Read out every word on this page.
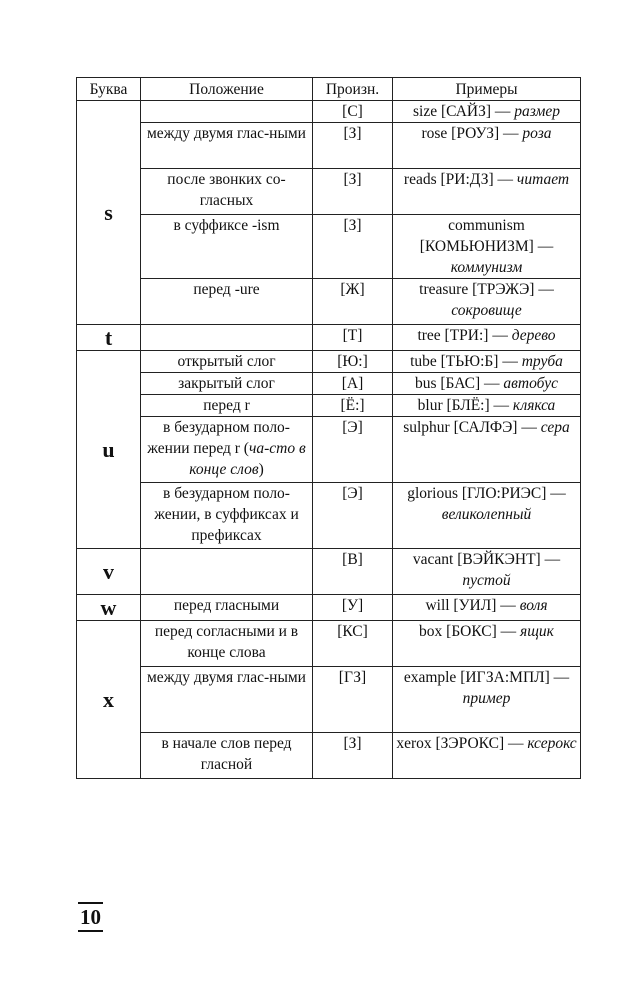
Буква	Положение	Произн.	Примеры
s		[С]	size [САЙЗ] — размер
	между двумя глас-ными	[З]	rose [РОУЗ] — роза
	после звонких со-гласных	[З]	reads [РИ:ДЗ] — читает
	в суффиксе -ism	[З]	communism [КОМЬЮНИЗМ] — коммунизм
	перед -ure	[Ж]	treasure [ТРЭЖЭ] — сокровище
t		[Т]	tree [ТРИ:] — дерево
u	открытый слог	[Ю:]	tube [ТЬЮ:Б] — труба
	закрытый слог	[А]	bus [БАС] — автобус
	перед r	[Ё:]	blur [БЛЁ:] — клякса
	в безударном поло-жении перед r (ча-сто в конце слов)	[Э]	sulphur [САЛФЭ] — сера
	в безударном поло-жении, в суффиксах и префиксах	[Э]	glorious [ГЛО:РИЭС] — великолепный
v		[В]	vacant [ВЭЙКЭНТ] — пустой
w	перед гласными	[У]	will [УИЛ] — воля
x	перед согласными и в конце слова	[КС]	box [БОКС] — ящик
	между двумя глас-ными	[ГЗ]	example [ИГЗА:МПЛ] — пример
	в начале слов перед гласной	[З]	xerox [ЗЭРОКС] — ксерокс
10
